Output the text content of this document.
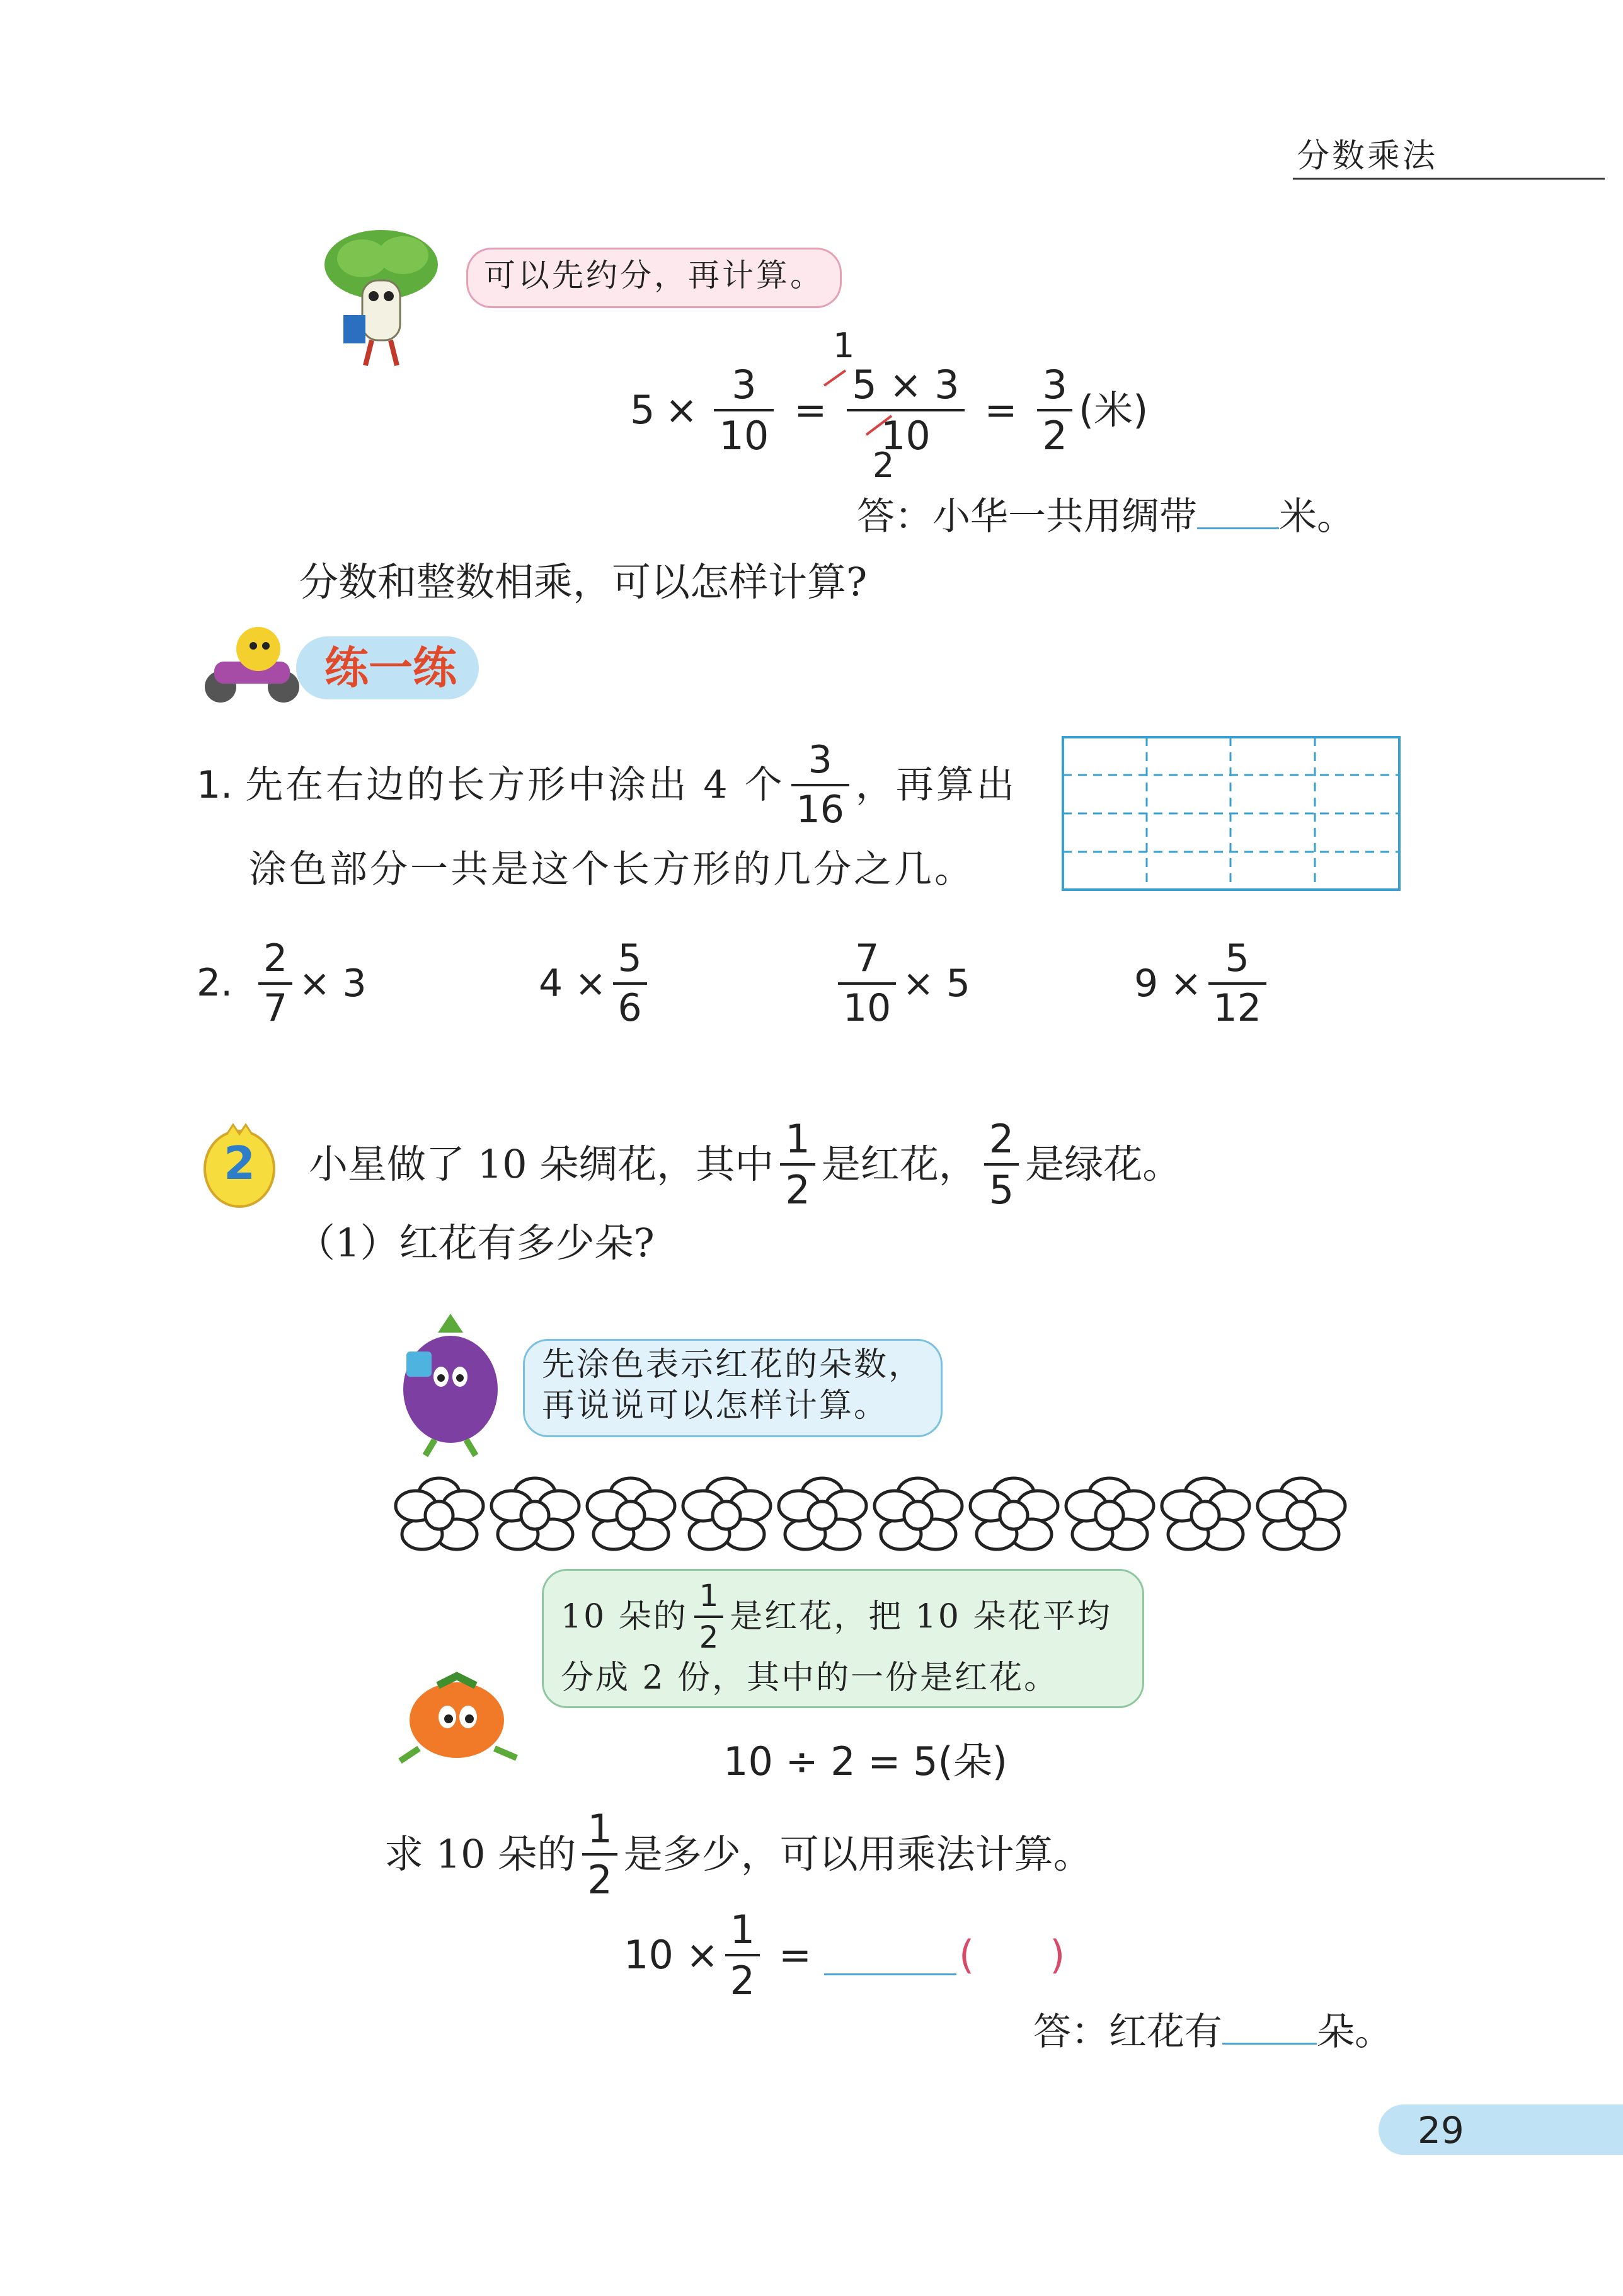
分数乘法
可以先约分，再计算。
$5 \times \frac{3}{10} = \frac{5 \times 3}{10} = \frac{3}{2}$ (米)
1
2
答：小华一共用绸带 米。
分数和整数相乘，可以怎样计算?
练一练
1. 先在右边的长方形中涂出 4 个 $\frac{3}{16}$ ，再算出
涂色部分一共是这个长方形的几分之几。
2. $\frac{2}{7} \times 3$	$4 \times \frac{5}{6}$	$\frac{7}{10} \times 5$	$9 \times \frac{5}{12}$
2 小星做了 10 朵绸花，其中 $\frac{1}{2}$ 是红花， $\frac{2}{5}$ 是绿花。
（1）红花有多少朵?
先涂色表示红花的朵数，
再说说可以怎样计算。
10 朵的 $\frac{1}{2}$ 是红花，把 10 朵花平均
分成 2 份，其中的一份是红花。
10 ÷ 2 = 5(朵)
求 10 朵的 $\frac{1}{2}$ 是多少，可以用乘法计算。
$10 \times \frac{1}{2}$ =	( )
答：红花有	朵。
29
